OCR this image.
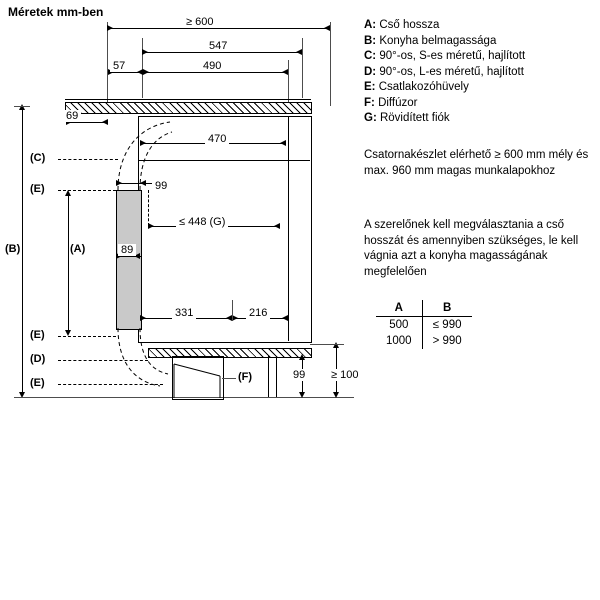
Méretek mm-ben
≥ 600
547
57	490
69
470
(C)
(E)
(E)
(D)
(E)
(A)
(B)
99
≤ 448 (G)
89
331	216
(F)	99 ≥ 100
A: Cső hossza
B: Konyha belmagassága
C: 90°-os, S-es méretű, hajlított
D: 90°-os, L-es méretű, hajlított
E: Csatlakozóhüvely
F: Diffúzor
G: Rövidített fiók
Csatornakészlet elérhető ≥ 600 mm mély és max. 960 mm magas munkalapokhoz
A szerelőnek kell megválasztania a cső hosszát és amennyiben szükséges, le kell vágnia azt a konyha magasságának megfelelően
A	B
500	≤ 990
1000	> 990
